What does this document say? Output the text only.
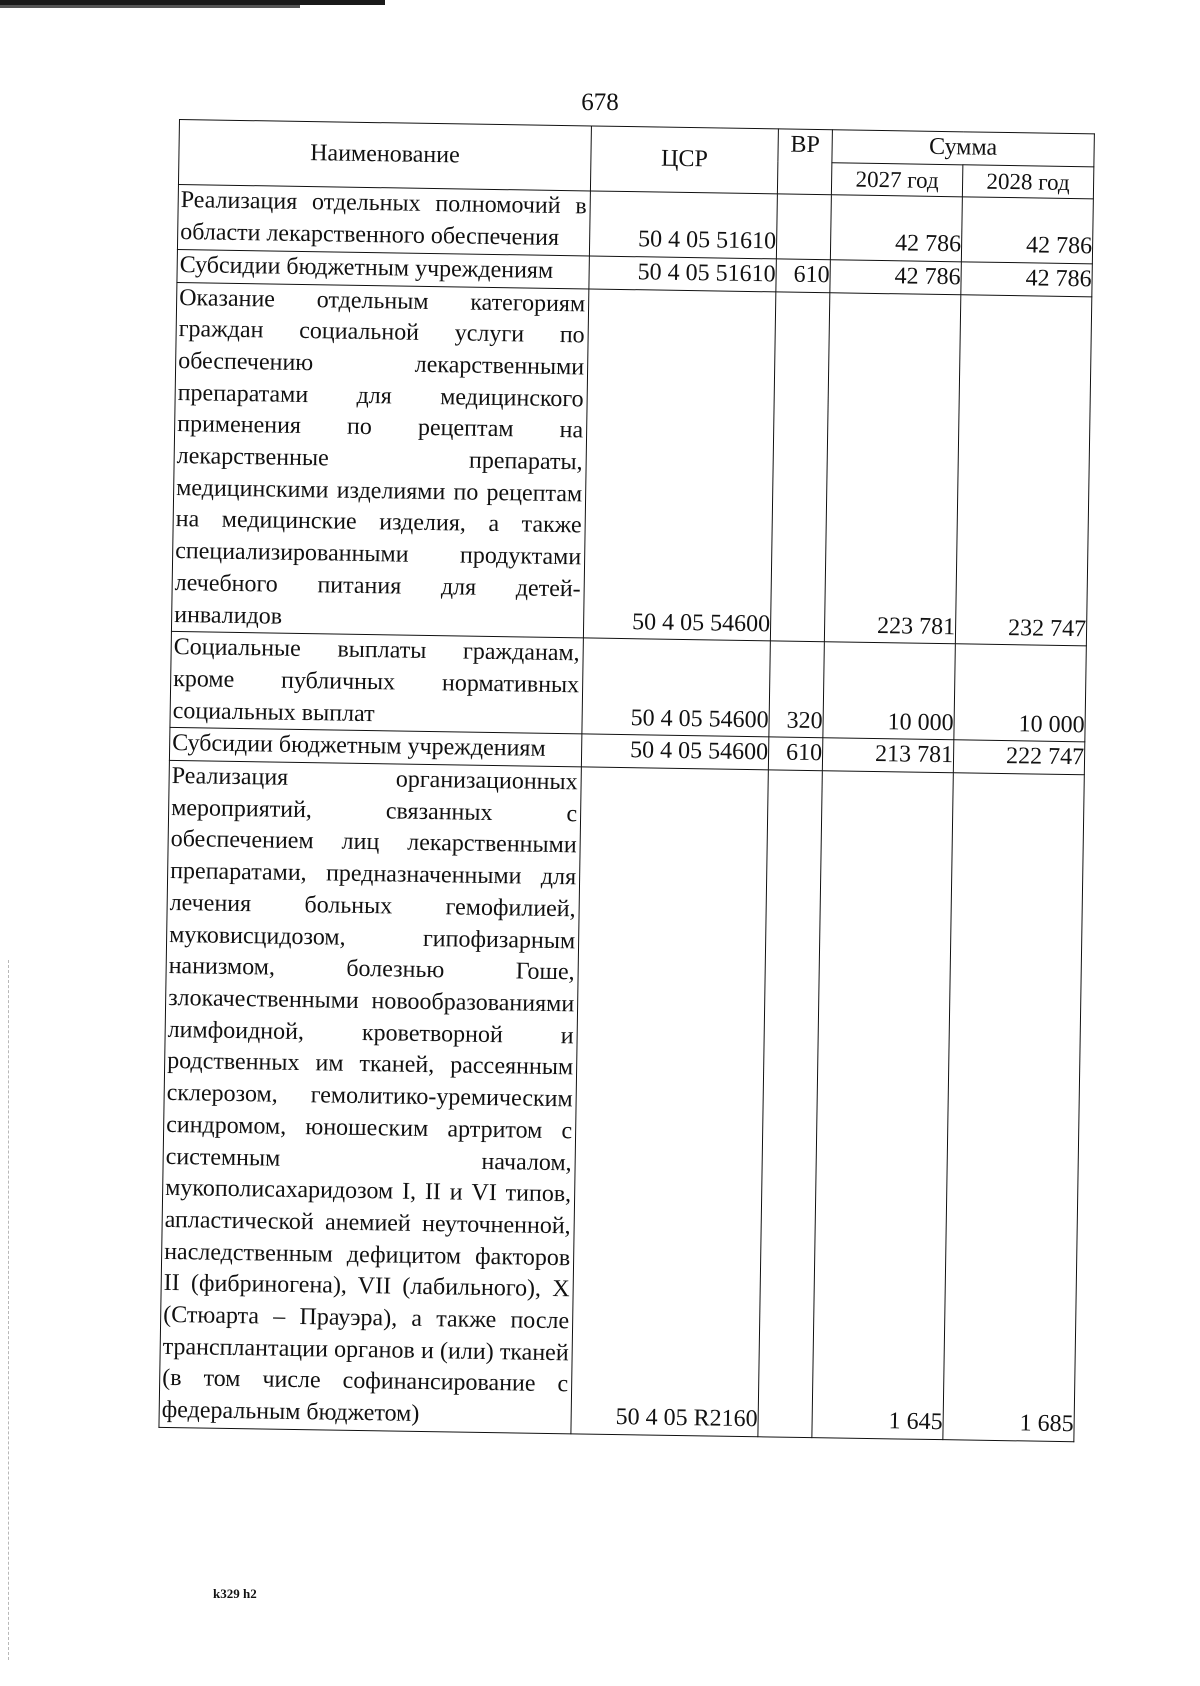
678
Наименование	ЦСР	ВР	Сумма	
			2027 год	2028 год
Реализация отдельных полномочий в области лекарственного обеспечения	50 4 05 51610		42 786	42 786
Субсидии бюджетным учреждениям	50 4 05 51610	610	42 786	42 786
Оказание отдельным категориям граждан социальной услуги по обеспечению лекарственными препаратами для медицинского применения по рецептам на лекарственные препараты, медицинскими изделиями по рецептам на медицинские изделия, а также специализированными продуктами лечебного питания для детей-инвалидов	50 4 05 54600		223 781	232 747
Социальные выплаты гражданам, кроме публичных нормативных социальных выплат	50 4 05 54600	320	10 000	10 000
Субсидии бюджетным учреждениям	50 4 05 54600	610	213 781	222 747
Реализация организационных мероприятий, связанных с обеспечением лиц лекарственными препаратами, предназначенными для лечения больных гемофилией, муковисцидозом, гипофизарным нанизмом, болезнью Гоше, злокачественными новообразованиями лимфоидной, кроветворной и родственных им тканей, рассеянным склерозом, гемолитико-уремическим синдромом, юношеским артритом с системным началом, мукополисахаридозом I, II и VI типов, апластической анемией неуточненной, наследственным дефицитом факторов II (фибриногена), VII (лабильного), X (Стюарта – Прауэра), а также после трансплантации органов и (или) тканей (в том числе софинансирование с федеральным бюджетом)	50 4 05 R2160		1 645	1 685
k329 h2
